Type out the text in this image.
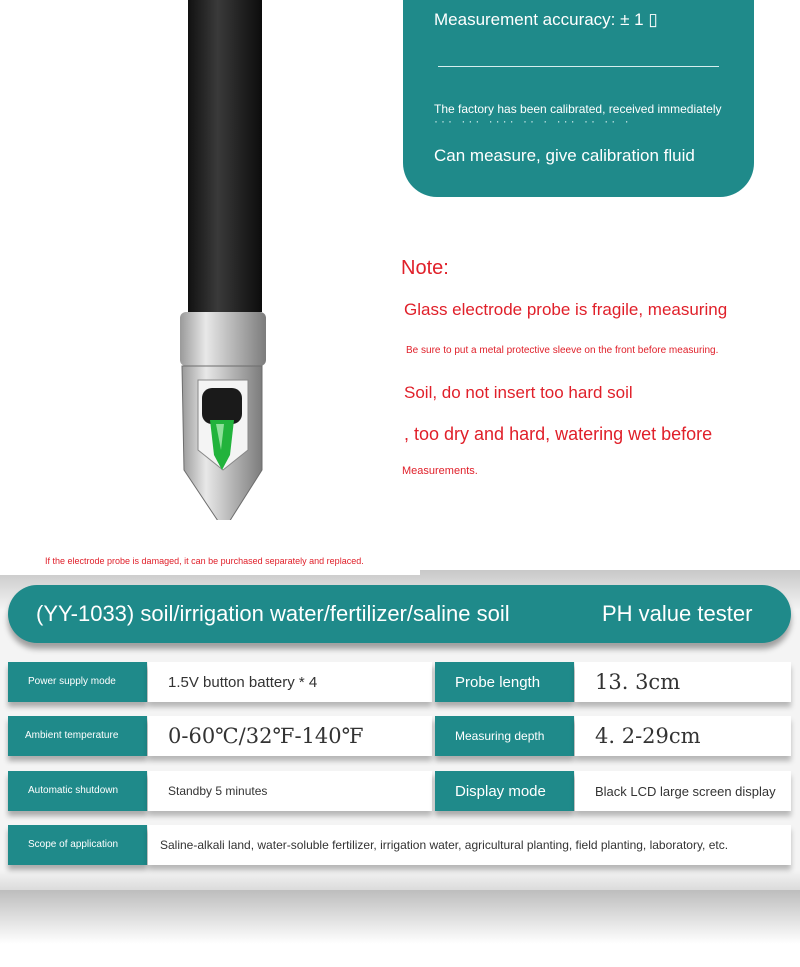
Measurement accuracy: ± 1 ▯
The factory has been calibrated, received immediately
··· ··· ···· ·· · ··· ·· ·· ·
Can measure, give calibration fluid
Note:
Glass electrode probe is fragile, measuring
Be sure to put a metal protective sleeve on the front before measuring.
Soil, do not insert too hard soil
, too dry and hard, watering wet before
Measurements.
If the electrode probe is damaged, it can be purchased separately and replaced.
(YY-1033) soil/irrigation water/fertilizer/saline soil	PH value tester
Power supply mode	1.5V button battery * 4	Probe length	13. 3cm
Ambient temperature	0-60℃/32℉-140℉	Measuring depth	4. 2-29cm
Automatic shutdown	Standby 5 minutes	Display mode	Black LCD large screen display
Scope of application	Saline-alkali land, water-soluble fertilizer, irrigation water, agricultural planting, field planting, laboratory, etc.
